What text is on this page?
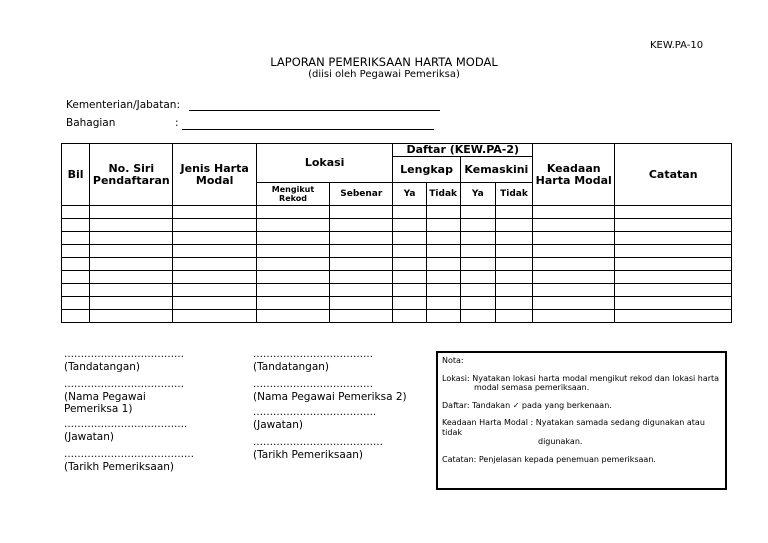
KEW.PA-10
LAPORAN PEMERIKSAAN HARTA MODAL
(diisi oleh Pegawai Pemeriksa)
Kementerian/Jabatan:
Bahagian	:
Bil	No. Siri Pendaftaran	Jenis Harta Modal	Lokasi		Daftar (KEW.PA-2)				Keadaan Harta Modal	Catatan
					Lengkap		Kemaskini			
			Mengikut Rekod	Sebenar	Ya	Tidak	Ya	Tidak		

………………………………
(Tandatangan)
………………………………
(Nama Pegawai Pemeriksa 1)
……………………………….
(Jawatan)
…………………………………
(Tarikh Pemeriksaan)
………………………………
(Tandatangan)
………………………………
(Nama Pegawai Pemeriksa 2)
……………………………….
(Jawatan)
…………………………………
(Tarikh Pemeriksaan)

Nota:

Lokasi: Nyatakan lokasi harta modal mengikut rekod dan lokasi harta
modal semasa pemeriksaan.

Daftar: Tandakan ✓ pada yang berkenaan.

Keadaan Harta Modal : Nyatakan samada sedang digunakan atau tidak
digunakan.

Catatan: Penjelasan kepada penemuan pemeriksaan.
